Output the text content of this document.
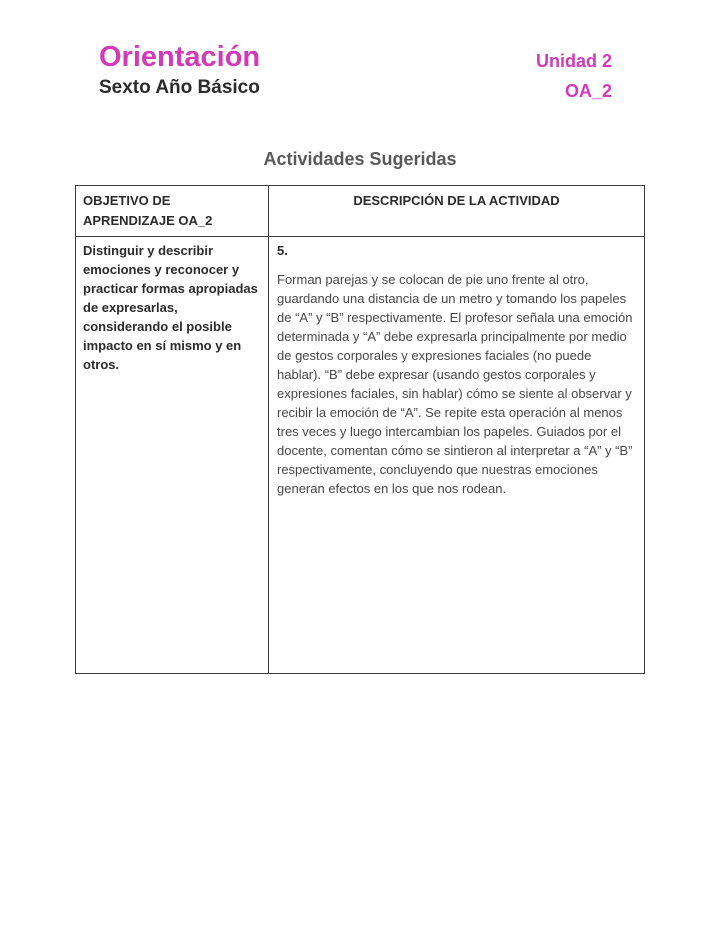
Orientación
Sexto Año Básico
Unidad 2
OA_2
Actividades Sugeridas
OBJETIVO DE APRENDIZAJE OA_2	DESCRIPCIÓN DE LA ACTIVIDAD
Distinguir y describir emociones y reconocer y practicar formas apropiadas de expresarlas, considerando el posible impacto en sí mismo y en otros.	5.

Forman parejas y se colocan de pie uno frente al otro, guardando una distancia de un metro y tomando los papeles de “A” y “B” respectivamente. El profesor señala una emoción determinada y “A” debe expresarla principalmente por medio de gestos corporales y expresiones faciales (no puede hablar). “B” debe expresar (usando gestos corporales y expresiones faciales, sin hablar) cómo se siente al observar y recibir la emoción de “A”. Se repite esta operación al menos tres veces y luego intercambian los papeles. Guiados por el docente, comentan cómo se sintieron al interpretar a “A” y “B” respectivamente, concluyendo que nuestras emociones generan efectos en los que nos rodean.
